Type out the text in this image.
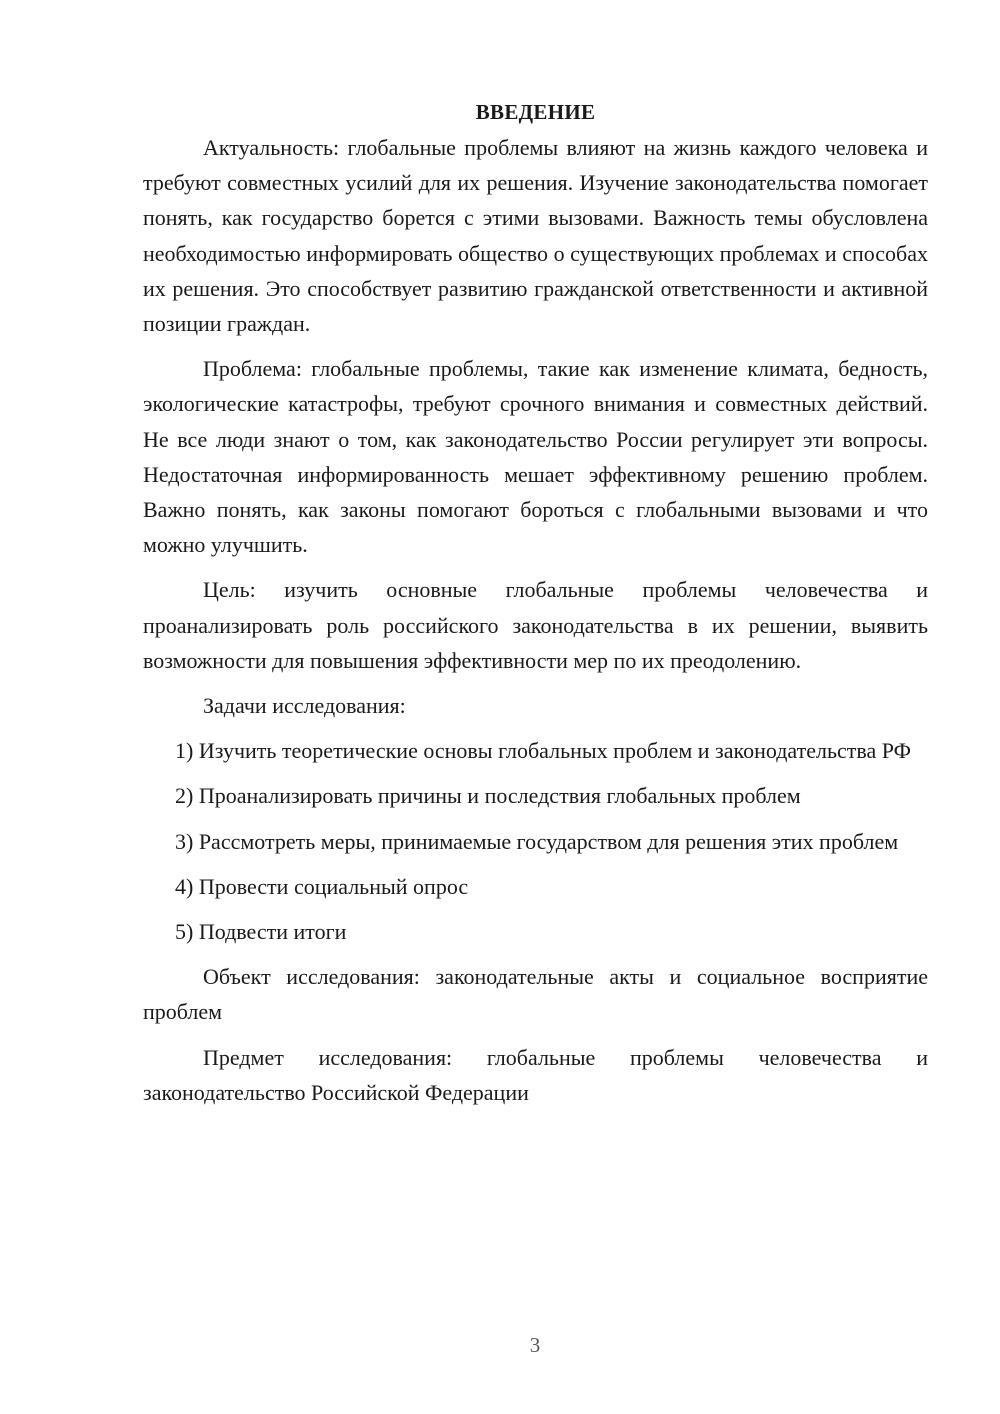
ВВЕДЕНИЕ

Актуальность: глобальные проблемы влияют на жизнь каждого человека и требуют совместных усилий для их решения. Изучение законодательства помогает понять, как государство борется с этими вызовами. Важность темы обусловлена необходимостью информировать общество о существующих проблемах и способах их решения. Это способствует развитию гражданской ответственности и активной позиции граждан.

Проблема: глобальные проблемы, такие как изменение климата, бедность, экологические катастрофы, требуют срочного внимания и совместных действий. Не все люди знают о том, как законодательство России регулирует эти вопросы. Недостаточная информированность мешает эффективному решению проблем. Важно понять, как законы помогают бороться с глобальными вызовами и что можно улучшить.

Цель: изучить основные глобальные проблемы человечества и проанализировать роль российского законодательства в их решении, выявить возможности для повышения эффективности мер по их преодолению.

Задачи исследования:

1) Изучить теоретические основы глобальных проблем и законодательства РФ

2) Проанализировать причины и последствия глобальных проблем

3) Рассмотреть меры, принимаемые государством для решения этих проблем

4) Провести социальный опрос

5) Подвести итоги

Объект исследования: законодательные акты и социальное восприятие проблем

Предмет исследования: глобальные проблемы человечества и законодательство Российской Федерации

3
